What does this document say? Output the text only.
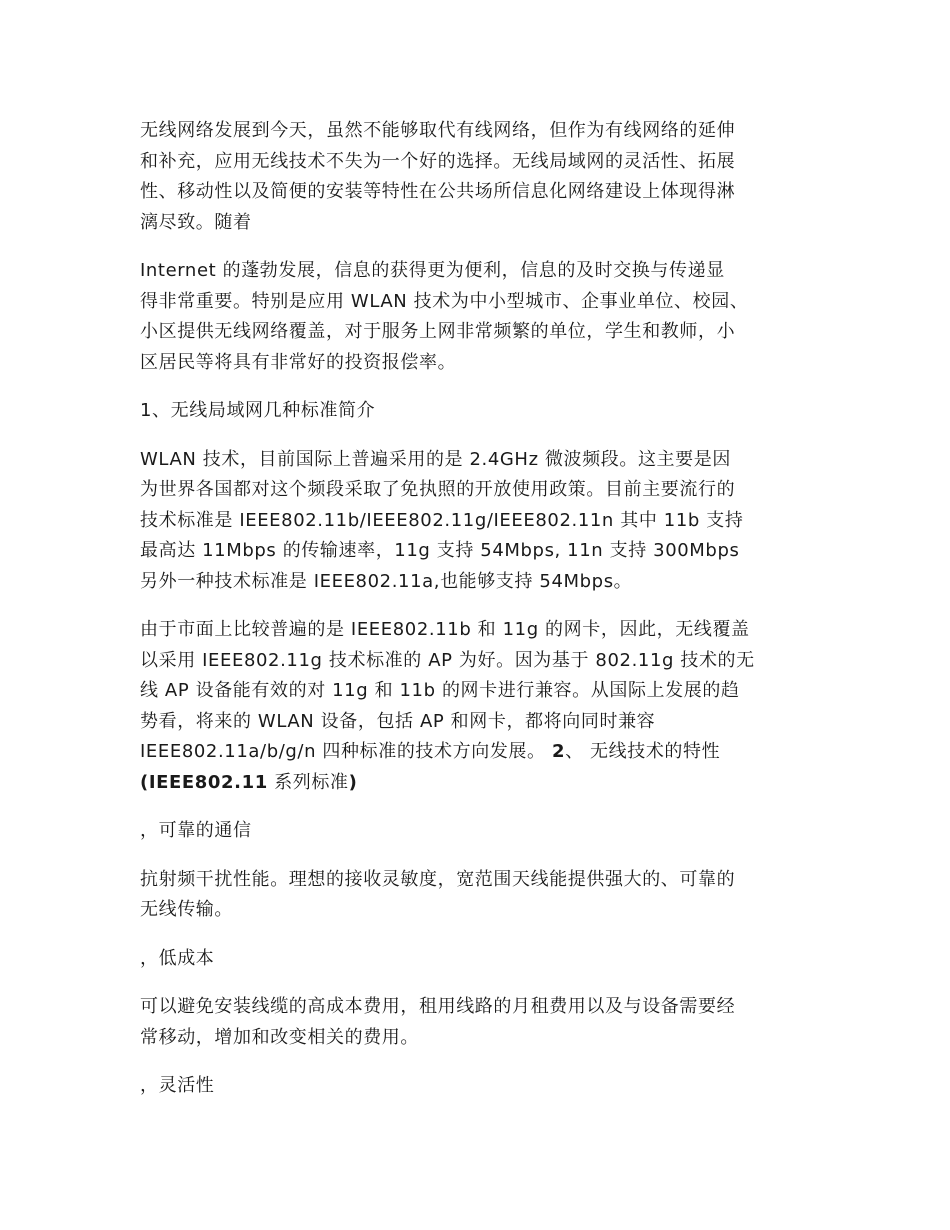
无线网络发展到今天，虽然不能够取代有线网络，但作为有线网络的延伸
和补充，应用无线技术不失为一个好的选择。无线局域网的灵活性、拓展
性、移动性以及简便的安装等特性在公共场所信息化网络建设上体现得淋
漓尽致。随着

Internet 的蓬勃发展，信息的获得更为便利，信息的及时交换与传递显
得非常重要。特别是应用 WLAN 技术为中小型城市、企事业单位、校园、
小区提供无线网络覆盖，对于服务上网非常频繁的单位，学生和教师，小
区居民等将具有非常好的投资报偿率。

1、无线局域网几种标准简介

WLAN 技术，目前国际上普遍采用的是 2.4GHz 微波频段。这主要是因
为世界各国都对这个频段采取了免执照的开放使用政策。目前主要流行的
技术标准是 IEEE802.11b/IEEE802.11g/IEEE802.11n 其中 11b 支持
最高达 11Mbps 的传输速率，11g 支持 54Mbps, 11n 支持 300Mbps
另外一种技术标准是 IEEE802.11a,也能够支持 54Mbps。

由于市面上比较普遍的是 IEEE802.11b 和 11g 的网卡，因此，无线覆盖
以采用 IEEE802.11g 技术标准的 AP 为好。因为基于 802.11g 技术的无
线 AP 设备能有效的对 11g 和 11b 的网卡进行兼容。从国际上发展的趋
势看，将来的 WLAN 设备，包括 AP 和网卡，都将向同时兼容
IEEE802.11a/b/g/n 四种标准的技术方向发展。 2、 无线技术的特性
(IEEE802.11 系列标准)

，可靠的通信

抗射频干扰性能。理想的接收灵敏度，宽范围天线能提供强大的、可靠的
无线传输。

，低成本

可以避免安装线缆的高成本费用，租用线路的月租费用以及与设备需要经
常移动，增加和改变相关的费用。

，灵活性
